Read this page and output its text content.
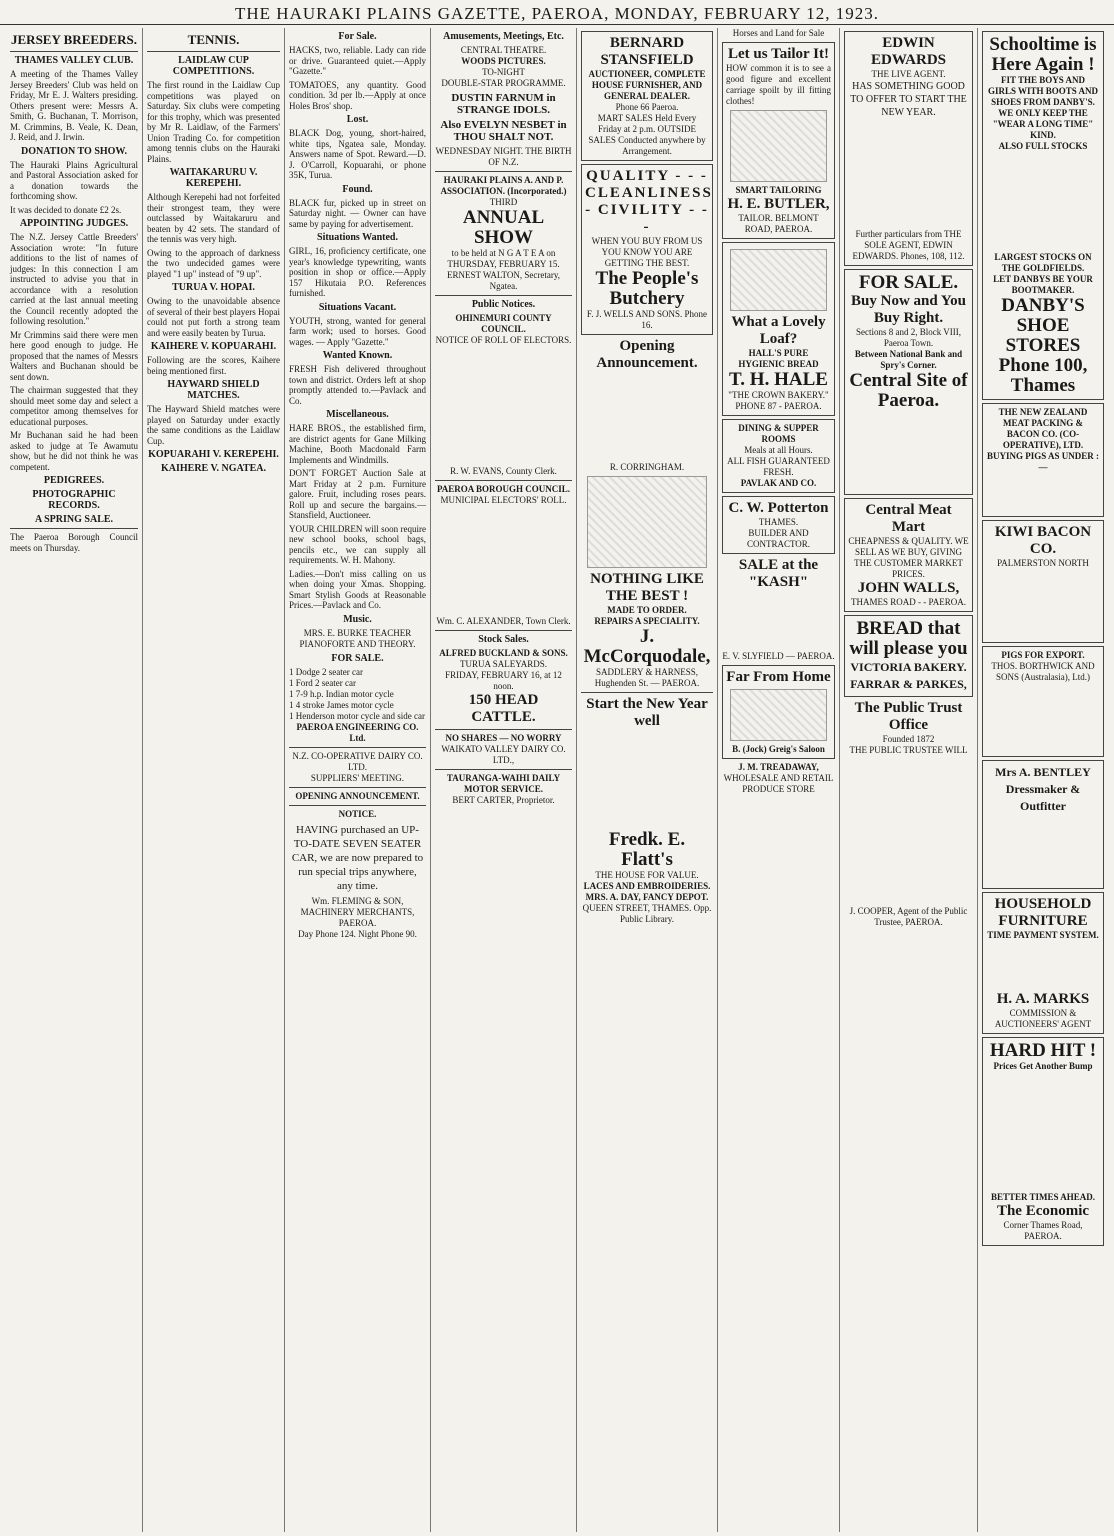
THE HAURAKI PLAINS GAZETTE, PAEROA, MONDAY, FEBRUARY 12, 1923.
JERSEY BREEDERS.
THAMES VALLEY CLUB.
A meeting of the Thames Valley Jersey Breeders' Club was held on Friday, Mr E. J. Walters presiding. Others present were: Messrs A. Smith, G. Buchanan, T. Morrison, M. Crimmins, B. Veale, K. Dean, J. Reid, and J. Irwin.
DONATION TO SHOW.
The Hauraki Plains Agricultural and Pastoral Association asked for a donation towards the forthcoming show.
It was decided to donate £2 2s.
APPOINTING JUDGES.
The N.Z. Jersey Cattle Breeders' Association wrote: "In future additions to the list of names of judges: In this connection I am instructed to advise you that in accordance with a resolution carried at the last annual meeting the Council recently adopted the following resolution."
Mr Crimmins said there were men here good enough to judge. He proposed that the names of Messrs Walters and Buchanan should be sent down.
The chairman suggested that they should meet some day and select a competitor among themselves for educational purposes.
Mr Buchanan said he had been asked to judge at Te Awamutu show, but he did not think he was competent.
PEDIGREES.
PHOTOGRAPHIC RECORDS.
A SPRING SALE.
The Paeroa Borough Council meets on Thursday.
TENNIS.
LAIDLAW CUP COMPETITIONS.
The first round in the Laidlaw Cup competitions was played on Saturday. Six clubs were competing for this trophy, which was presented by Mr R. Laidlaw, of the Farmers' Union Trading Co. for competition among tennis clubs on the Hauraki Plains.
WAITAKARURU V. KEREPEHI.
Although Kerepehi had not forfeited their strongest team, they were outclassed by Waitakaruru and beaten by 42 sets. The standard of the tennis was very high.
Owing to the approach of darkness the two undecided games were played "1 up" instead of "9 up".
TURUA V. HOPAI.
Owing to the unavoidable absence of several of their best players Hopai could not put forth a strong team and were easily beaten by Turua.
KAIHERE V. KOPUARAHI.
Following are the scores, Kaihere being mentioned first.
HAYWARD SHIELD MATCHES.
The Hayward Shield matches were played on Saturday under exactly the same conditions as the Laidlaw Cup.
KOPUARAHI V. KEREPEHI.
KAIHERE V. NGATEA.
For Sale.
HACKS, two, reliable. Lady can ride or drive. Guaranteed quiet.—Apply "Gazette."
TOMATOES, any quantity. Good condition. 3d per lb.—Apply at once Holes Bros' shop.
Lost.
BLACK Dog, young, short-haired, white tips, Ngatea sale, Monday. Answers name of Spot. Reward.—D. J. O'Carroll, Kopuarahi, or phone 35K, Turua.
Found.
BLACK fur, picked up in street on Saturday night. — Owner can have same by paying for advertisement.
Situations Wanted.
GIRL, 16, proficiency certificate, one year's knowledge typewriting, wants position in shop or office.—Apply 157 Hikutaia P.O. References furnished.
Situations Vacant.
YOUTH, strong, wanted for general farm work; used to horses. Good wages. — Apply "Gazette."
Wanted Known.
FRESH Fish delivered throughout town and district. Orders left at shop promptly attended to.—Pavlack and Co.
Miscellaneous.
HARE BROS., the established firm, are district agents for Gane Milking Machine, Booth Macdonald Farm Implements and Windmills.
DON'T FORGET Auction Sale at Mart Friday at 2 p.m. Furniture galore. Fruit, including roses pears. Roll up and secure the bargains.—Stansfield, Auctioneer.
YOUR CHILDREN will soon require new school books, school bags, pencils etc., we can supply all requirements. W. H. Mahony.
Ladies.—Don't miss calling on us when doing your Xmas. Shopping. Smart Stylish Goods at Reasonable Prices.—Pavlack and Co.
Music.
MRS. E. BURKE TEACHER PIANOFORTE AND THEORY.
FOR SALE.
1 Dodge 2 seater car
1 Ford 2 seater car
1 7-9 h.p. Indian motor cycle
1 4 stroke James motor cycle
1 Henderson motor cycle and side car
PAEROA ENGINEERING CO. Ltd.
N.Z. CO-OPERATIVE DAIRY CO. LTD.
SUPPLIERS' MEETING.
OPENING ANNOUNCEMENT.
NOTICE.
HAVING purchased an UP-TO-DATE SEVEN SEATER CAR, we are now prepared to run special trips anywhere, any time.
Wm. FLEMING & SON, MACHINERY MERCHANTS, PAEROA.
Day Phone 124. Night Phone 90.
Amusements, Meetings, Etc.
CENTRAL THEATRE.
WOODS PICTURES.
TO-NIGHT
DOUBLE-STAR PROGRAMME.
DUSTIN FARNUM in STRANGE IDOLS.
Also EVELYN NESBET in THOU SHALT NOT.
WEDNESDAY NIGHT. THE BIRTH OF N.Z.
HAURAKI PLAINS A. AND P. ASSOCIATION. (Incorporated.)
THIRD
ANNUAL SHOW
to be held at N G A T E A on THURSDAY, FEBRUARY 15.
ERNEST WALTON, Secretary, Ngatea.
Public Notices.
OHINEMURI COUNTY COUNCIL.
NOTICE OF ROLL OF ELECTORS.
R. W. EVANS, County Clerk.
PAEROA BOROUGH COUNCIL.
MUNICIPAL ELECTORS' ROLL.
Wm. C. ALEXANDER, Town Clerk.
Stock Sales.
ALFRED BUCKLAND & SONS.
TURUA SALEYARDS.
FRIDAY, FEBRUARY 16, at 12 noon.
150 HEAD CATTLE.
NO SHARES — NO WORRY
WAIKATO VALLEY DAIRY CO. LTD.,
TAURANGA-WAIHI DAILY MOTOR SERVICE.
BERT CARTER, Proprietor.
BERNARD STANSFIELD
AUCTIONEER, COMPLETE HOUSE FURNISHER, AND GENERAL DEALER.
Phone 66 Paeroa.
MART SALES Held Every Friday at 2 p.m. OUTSIDE SALES Conducted anywhere by Arrangement.
QUALITY - - - CLEANLINESS - CIVILITY - - -
WHEN YOU BUY FROM US YOU KNOW YOU ARE GETTING THE BEST.
The People's Butchery
F. J. WELLS AND SONS. Phone 16.
Opening Announcement.
R. CORRINGHAM.
NOTHING LIKE THE BEST !
MADE TO ORDER.
REPAIRS A SPECIALITY.
J. McCorquodale,
SADDLERY & HARNESS, Hughenden St. — PAEROA.
Start the New Year well
Fredk. E. Flatt's
THE HOUSE FOR VALUE.
LACES AND EMBROIDERIES.
MRS. A. DAY, FANCY DEPOT.
QUEEN STREET, THAMES. Opp. Public Library.
Horses and Land for Sale
Let us Tailor It!
HOW common it is to see a good figure and excellent carriage spoilt by ill fitting clothes!
SMART TAILORING
H. E. BUTLER,
TAILOR. BELMONT ROAD, PAEROA.
What a Lovely Loaf?
HALL'S PURE HYGIENIC BREAD
T. H. HALE
"THE CROWN BAKERY." PHONE 87 - PAEROA.
DINING & SUPPER ROOMS
Meals at all Hours.
ALL FISH GUARANTEED FRESH.
PAVLAK AND CO.
C. W. Potterton
THAMES.
BUILDER AND CONTRACTOR.
SALE at the "KASH"
E. V. SLYFIELD — PAEROA.
Far From Home
B. (Jock) Greig's Saloon
J. M. TREADAWAY,
WHOLESALE AND RETAIL PRODUCE STORE
EDWIN EDWARDS
THE LIVE AGENT.
HAS SOMETHING GOOD TO OFFER TO START THE NEW YEAR.
Further particulars from THE SOLE AGENT, EDWIN EDWARDS. Phones, 108, 112.
FOR SALE.
Buy Now and You Buy Right.
Sections 8 and 2, Block VIII, Paeroa Town.
Between National Bank and Spry's Corner.
Central Site of Paeroa.
Central Meat Mart
CHEAPNESS & QUALITY. WE SELL AS WE BUY, GIVING THE CUSTOMER MARKET PRICES.
JOHN WALLS,
THAMES ROAD - - PAEROA.
BREAD that will please you
VICTORIA BAKERY.
FARRAR & PARKES,
The Public Trust Office
Founded 1872
THE PUBLIC TRUSTEE WILL
J. COOPER, Agent of the Public Trustee, PAEROA.
Schooltime is Here Again !
FIT THE BOYS AND GIRLS WITH BOOTS AND SHOES FROM DANBY'S.
WE ONLY KEEP THE "WEAR A LONG TIME" KIND.
ALSO FULL STOCKS
LARGEST STOCKS ON THE GOLDFIELDS.
LET DANBYS BE YOUR BOOTMAKER.
DANBY'S SHOE STORES Phone 100, Thames
THE NEW ZEALAND MEAT PACKING & BACON CO. (CO-OPERATIVE), LTD.
BUYING PIGS AS UNDER :—
KIWI BACON CO.
PALMERSTON NORTH
PIGS FOR EXPORT.
THOS. BORTHWICK AND SONS (Australasia), Ltd.)
Mrs A. BENTLEY Dressmaker & Outfitter
HOUSEHOLD FURNITURE
TIME PAYMENT SYSTEM.
H. A. MARKS
COMMISSION & AUCTIONEERS' AGENT
HARD HIT !
Prices Get Another Bump
BETTER TIMES AHEAD.
The Economic
Corner Thames Road, PAEROA.
